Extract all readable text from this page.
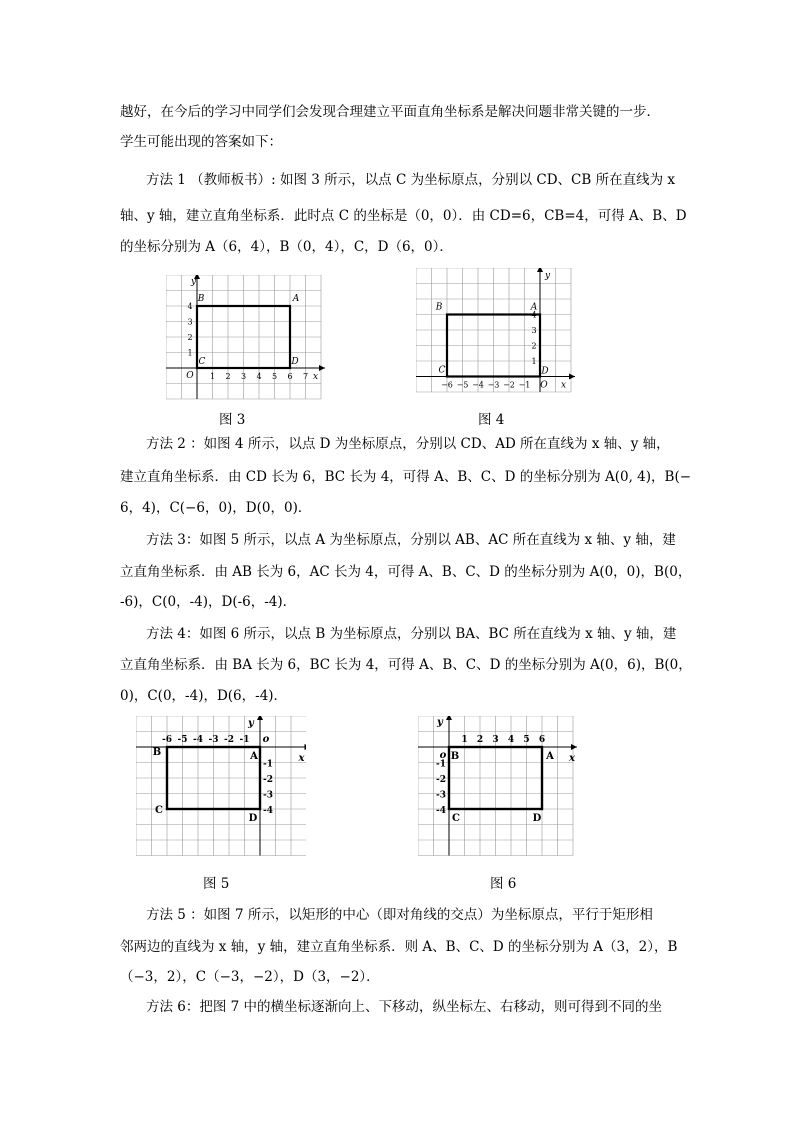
越好，在今后的学习中同学们会发现合理建立平面直角坐标系是解决问题非常关键的一步．
学生可能出现的答案如下：
方法 1 （教师板书）: 如图 3 所示，以点 C 为坐标原点，分别以 CD、CB 所在直线为 x
轴、y 轴，建立直角坐标系．此时点 C 的坐标是（0，0）．由 CD=6，CB=4，可得 A、B、D
的坐标分别为 A（6，4），B（0，4），C，D（6，0）．
1 2 3 4 5 6 7
1
2
3
4
A
B
C	D
O	x
y
图 3
−6 −5 −4 −3 −2 −1
1
2
3
4
A
B
C	D
O x
y
图 4
方法 2 ：如图 4 所示，以点 D 为坐标原点，分别以 CD、AD 所在直线为 x 轴、y 轴，
建立直角坐标系．由 CD 长为 6，BC 长为 4，可得 A、B、C、D 的坐标分别为 A(0, 4)，B(−
6，4)，C(−6，0)，D(0，0)．
方法 3：如图 5 所示，以点 A 为坐标原点，分别以 AB、AC 所在直线为 x 轴、y 轴，建
立直角坐标系．由 AB 长为 6，AC 长为 4，可得 A、B、C、D 的坐标分别为 A(0，0)，B(0，
-6)，C(0，-4)，D(-6，-4)．
方法 4：如图 6 所示，以点 B 为坐标原点，分别以 BA、BC 所在直线为 x 轴、y 轴，建
立直角坐标系．由 BA 长为 6，BC 长为 4，可得 A、B、C、D 的坐标分别为 A(0，6)，B(0，
0)，C(0，-4)，D(6，-4)．
-6 -5 -4 -3 -2 -1
-1
-2
-3
-4
A
B
C
D
o
x
y
图 5
1 2 3 4 5 6
-1
-2
-3
-4
A
B
C	D
o	x
y
图 6
方法 5 ：如图 7 所示，以矩形的中心（即对角线的交点）为坐标原点，平行于矩形相
邻两边的直线为 x 轴，y 轴，建立直角坐标系．则 A、B、C、D 的坐标分别为 A（3，2），B
（−3，2），C（−3，−2），D（3，−2）．
方法 6：把图 7 中的横坐标逐渐向上、下移动，纵坐标左、右移动，则可得到不同的坐
